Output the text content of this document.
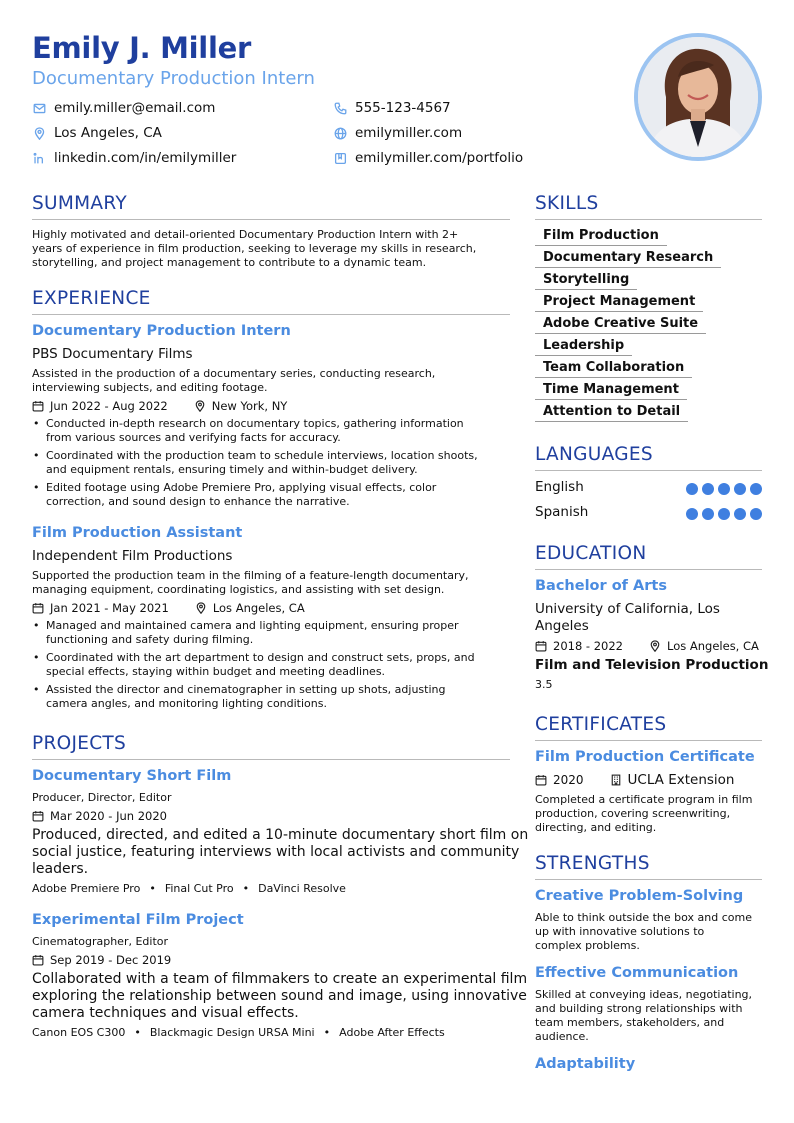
Emily J. Miller
Documentary Production Intern
emily.miller@email.com	555-123-4567
Los Angeles, CA	emilymiller.com
linkedin.com/in/emilymiller	emilymiller.com/portfolio
SUMMARY
Highly motivated and detail-oriented Documentary Production Intern with 2+
years of experience in film production, seeking to leverage my skills in research,
storytelling, and project management to contribute to a dynamic team.
EXPERIENCE
Documentary Production Intern
PBS Documentary Films
Assisted in the production of a documentary series, conducting research,
interviewing subjects, and editing footage.
Jun 2022 - Aug 2022	New York, NY
• Conducted in-depth research on documentary topics, gathering information
from various sources and verifying facts for accuracy.
• Coordinated with the production team to schedule interviews, location shoots,
and equipment rentals, ensuring timely and within-budget delivery.
• Edited footage using Adobe Premiere Pro, applying visual effects, color
correction, and sound design to enhance the narrative.
Film Production Assistant
Independent Film Productions
Supported the production team in the filming of a feature-length documentary,
managing equipment, coordinating logistics, and assisting with set design.
Jan 2021 - May 2021	Los Angeles, CA
• Managed and maintained camera and lighting equipment, ensuring proper
functioning and safety during filming.
• Coordinated with the art department to design and construct sets, props, and
special effects, staying within budget and meeting deadlines.
• Assisted the director and cinematographer in setting up shots, adjusting
camera angles, and monitoring lighting conditions.
PROJECTS
Documentary Short Film
Producer, Director, Editor
Mar 2020 - Jun 2020
Produced, directed, and edited a 10-minute documentary short film on
social justice, featuring interviews with local activists and community
leaders.
Adobe Premiere Pro • Final Cut Pro • DaVinci Resolve
Experimental Film Project
Cinematographer, Editor
Sep 2019 - Dec 2019
Collaborated with a team of filmmakers to create an experimental film
exploring the relationship between sound and image, using innovative
camera techniques and visual effects.
Canon EOS C300 • Blackmagic Design URSA Mini • Adobe After Effects
SKILLS
Film Production
Documentary Research
Storytelling
Project Management
Adobe Creative Suite
Leadership
Team Collaboration
Time Management
Attention to Detail
LANGUAGES
English
Spanish
EDUCATION
Bachelor of Arts
University of California, Los
Angeles
2018 - 2022	Los Angeles, CA
Film and Television Production
3.5
CERTIFICATES
Film Production Certificate
2020	UCLA Extension
Completed a certificate program in film
production, covering screenwriting,
directing, and editing.
STRENGTHS
Creative Problem-Solving
Able to think outside the box and come
up with innovative solutions to
complex problems.
Effective Communication
Skilled at conveying ideas, negotiating,
and building strong relationships with
team members, stakeholders, and
audience.
Adaptability
